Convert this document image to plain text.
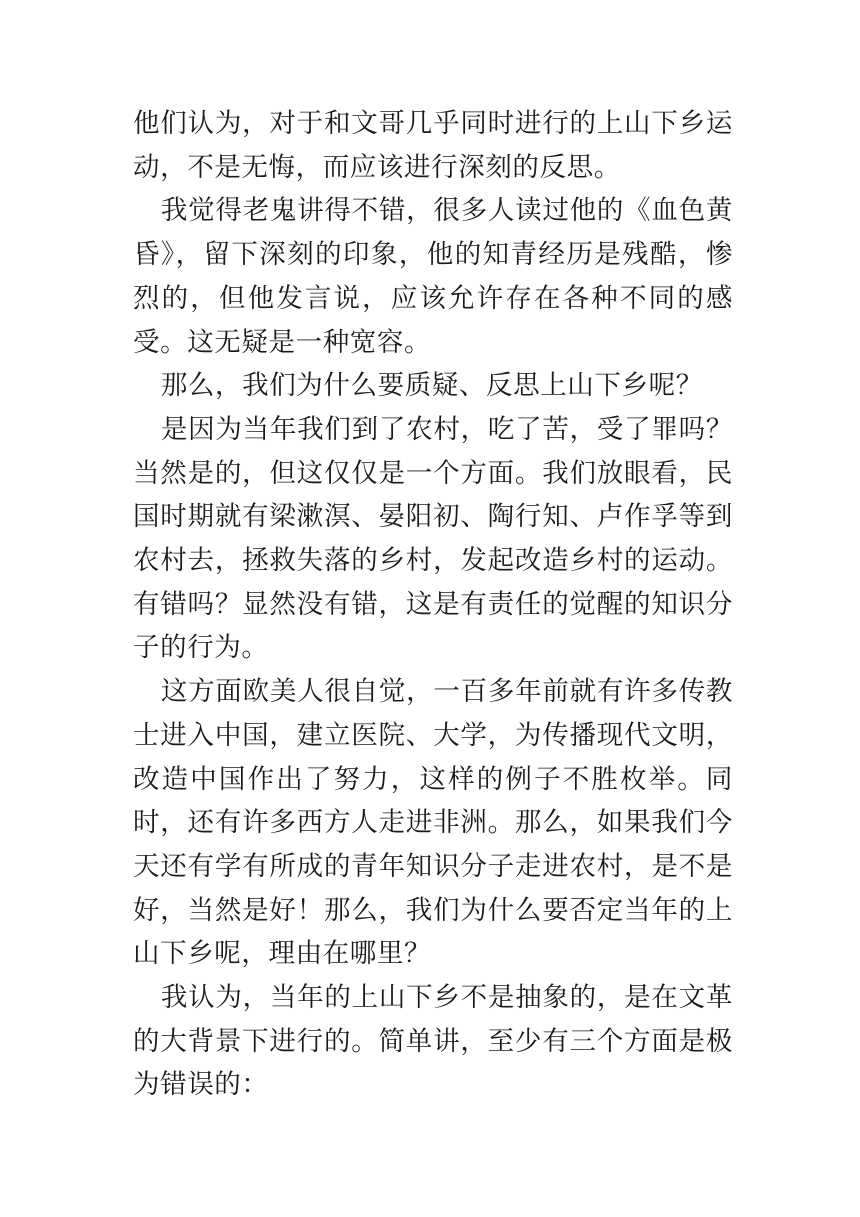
他们认为，对于和文哥几乎同时进行的上山下乡运动，不是无悔，而应该进行深刻的反思。

我觉得老鬼讲得不错，很多人读过他的《血色黄昏》，留下深刻的印象，他的知青经历是残酷，惨烈的，但他发言说，应该允许存在各种不同的感受。这无疑是一种宽容。

那么，我们为什么要质疑、反思上山下乡呢？

是因为当年我们到了农村，吃了苦，受了罪吗？当然是的，但这仅仅是一个方面。我们放眼看，民国时期就有梁漱溟、晏阳初、陶行知、卢作孚等到农村去，拯救失落的乡村，发起改造乡村的运动。有错吗？显然没有错，这是有责任的觉醒的知识分子的行为。

这方面欧美人很自觉，一百多年前就有许多传教士进入中国，建立医院、大学，为传播现代文明，改造中国作出了努力，这样的例子不胜枚举。同时，还有许多西方人走进非洲。那么，如果我们今天还有学有所成的青年知识分子走进农村，是不是好，当然是好！那么，我们为什么要否定当年的上山下乡呢，理由在哪里？

我认为，当年的上山下乡不是抽象的，是在文革的大背景下进行的。简单讲，至少有三个方面是极为错误的：
